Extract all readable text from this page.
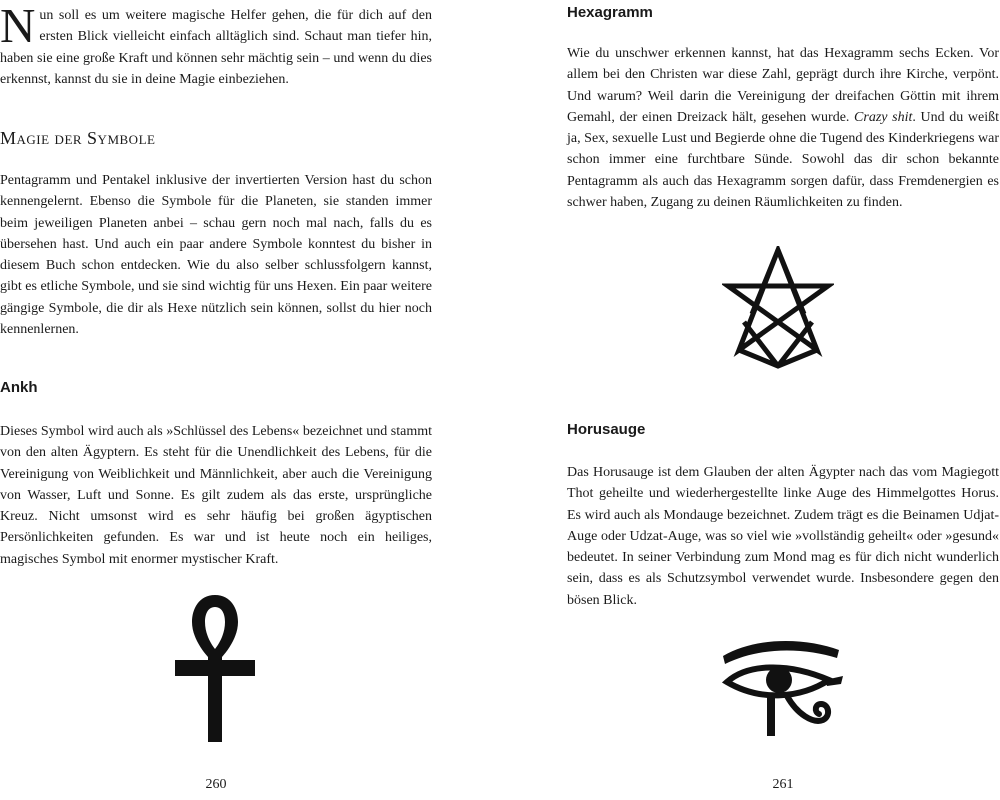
Nun soll es um weitere magische Helfer gehen, die für dich auf den ersten Blick vielleicht einfach alltäglich sind. Schaut man tiefer hin, haben sie eine große Kraft und können sehr mächtig sein – und wenn du dies erkennst, kannst du sie in deine Magie einbeziehen.

Magie der Symbole

Pentagramm und Pentakel inklusive der invertierten Version hast du schon kennengelernt. Ebenso die Symbole für die Planeten, sie standen immer beim jeweiligen Planeten anbei – schau gern noch mal nach, falls du es übersehen hast. Und auch ein paar andere Symbole konntest du bisher in diesem Buch schon entdecken. Wie du also selber schlussfolgern kannst, gibt es etliche Symbole, und sie sind wichtig für uns Hexen. Ein paar weitere gängige Symbole, die dir als Hexe nützlich sein können, sollst du hier noch kennenlernen.

Ankh

Dieses Symbol wird auch als »Schlüssel des Lebens« bezeichnet und stammt von den alten Ägyptern. Es steht für die Unendlichkeit des Lebens, für die Vereinigung von Weiblichkeit und Männlichkeit, aber auch die Vereinigung von Wasser, Luft und Sonne. Es gilt zudem als das erste, ursprüngliche Kreuz. Nicht umsonst wird es sehr häufig bei großen ägyptischen Persönlichkeiten gefunden. Es war und ist heute noch ein heiliges, magisches Symbol mit enormer mystischer Kraft.

260
Hexagramm

Wie du unschwer erkennen kannst, hat das Hexagramm sechs Ecken. Vor allem bei den Christen war diese Zahl, geprägt durch ihre Kirche, verpönt. Und warum? Weil darin die Vereinigung der dreifachen Göttin mit ihrem Gemahl, der einen Dreizack hält, gesehen wurde. Crazy shit. Und du weißt ja, Sex, sexuelle Lust und Begierde ohne die Tugend des Kinderkriegens war schon immer eine furchtbare Sünde. Sowohl das dir schon bekannte Pentagramm als auch das Hexagramm sorgen dafür, dass Fremdenergien es schwer haben, Zugang zu deinen Räumlichkeiten zu finden.

Horusauge

Das Horusauge ist dem Glauben der alten Ägypter nach das vom Magiegott Thot geheilte und wiederhergestellte linke Auge des Himmelgottes Horus. Es wird auch als Mondauge bezeichnet. Zudem trägt es die Beinamen Udjat-Auge oder Udzat-Auge, was so viel wie »vollständig geheilt« oder »gesund« bedeutet. In seiner Verbindung zum Mond mag es für dich nicht wunderlich sein, dass es als Schutzsymbol verwendet wurde. Insbesondere gegen den bösen Blick.

261
